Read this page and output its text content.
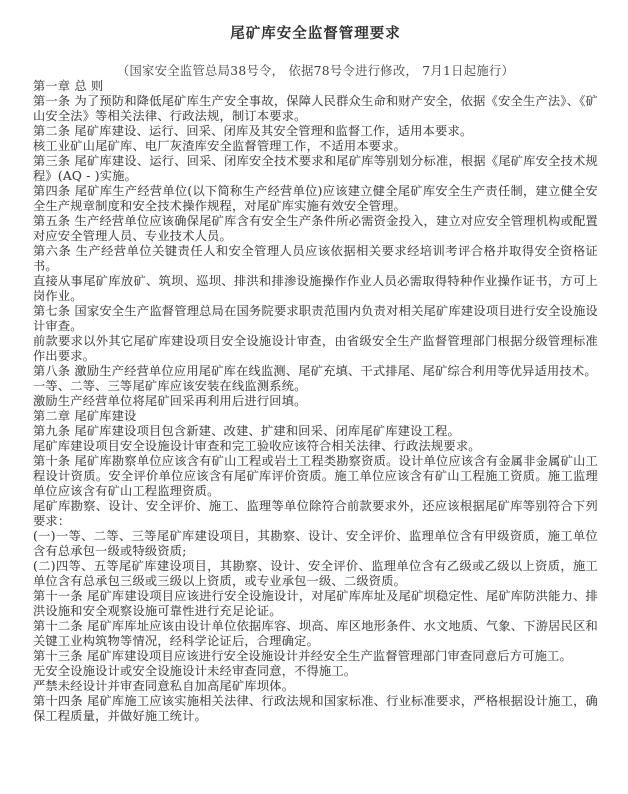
尾矿库安全监督管理要求
（国家安全监管总局38号令， 依据78号令进行修改， 7月1日起施行）

第一章 总 则

第一条 为了预防和降低尾矿库生产安全事故，保障人民群众生命和财产安全，依据《安全生产法》、《矿山安全法》等相关法律、行政法规，制订本要求。

第二条 尾矿库建设、运行、回采、闭库及其安全管理和监督工作，适用本要求。

核工业矿山尾矿库、电厂灰渣库安全监督管理工作，不适用本要求。

第三条 尾矿库建设、运行、回采、闭库安全技术要求和尾矿库等别划分标准，根据《尾矿库安全技术规程》(AQ - )实施。

第四条 尾矿库生产经营单位(以下简称生产经营单位)应该建立健全尾矿库安全生产责任制，建立健全安全生产规章制度和安全技术操作规程，对尾矿库实施有效安全管理。

第五条 生产经营单位应该确保尾矿库含有安全生产条件所必需资金投入，建立对应安全管理机构或配置对应安全管理人员、专业技术人员。

第六条 生产经营单位关键责任人和安全管理人员应该依据相关要求经培训考评合格并取得安全资格证书。

直接从事尾矿库放矿、筑坝、巡坝、排洪和排渗设施操作作业人员必需取得特种作业操作证书，方可上岗作业。

第七条 国家安全生产监督管理总局在国务院要求职责范围内负责对相关尾矿库建设项目进行安全设施设计审查。

前款要求以外其它尾矿库建设项目安全设施设计审查，由省级安全生产监督管理部门根据分级管理标准作出要求。

第八条 激励生产经营单位应用尾矿库在线监测、尾矿充填、干式排尾、尾矿综合利用等优异适用技术。

一等、二等、三等尾矿库应该安装在线监测系统。

激励生产经营单位将尾矿回采再利用后进行回填。

第二章 尾矿库建设

第九条 尾矿库建设项目包含新建、改建、扩建和回采、闭库尾矿库建设工程。

尾矿库建设项目安全设施设计审查和完工验收应该符合相关法律、行政法规要求。

第十条 尾矿库勘察单位应该含有矿山工程或岩土工程类勘察资质。设计单位应该含有金属非金属矿山工程设计资质。安全评价单位应该含有尾矿库评价资质。施工单位应该含有矿山工程施工资质。施工监理单位应该含有矿山工程监理资质。

尾矿库勘察、设计、安全评价、施工、监理等单位除符合前款要求外，还应该根据尾矿库等别符合下列要求：

(一)一等、二等、三等尾矿库建设项目，其勘察、设计、安全评价、监理单位含有甲级资质，施工单位含有总承包一级或特级资质;

(二)四等、五等尾矿库建设项目，其勘察、设计、安全评价、监理单位含有乙级或乙级以上资质，施工单位含有总承包三级或三级以上资质，或专业承包一级、二级资质。

第十一条 尾矿库建设项目应该进行安全设施设计，对尾矿库库址及尾矿坝稳定性、尾矿库防洪能力、排洪设施和安全观察设施可靠性进行充足论证。

第十二条 尾矿库库址应该由设计单位依据库容、坝高、库区地形条件、水文地质、气象、下游居民区和关键工业构筑物等情况，经科学论证后，合理确定。

第十三条 尾矿库建设项目应该进行安全设施设计并经安全生产监督管理部门审查同意后方可施工。

无安全设施设计或安全设施设计未经审查同意，不得施工。

严禁未经设计并审查同意私自加高尾矿库坝体。

第十四条 尾矿库施工应该实施相关法律、行政法规和国家标准、行业标准要求，严格根据设计施工，确保工程质量，并做好施工统计。
